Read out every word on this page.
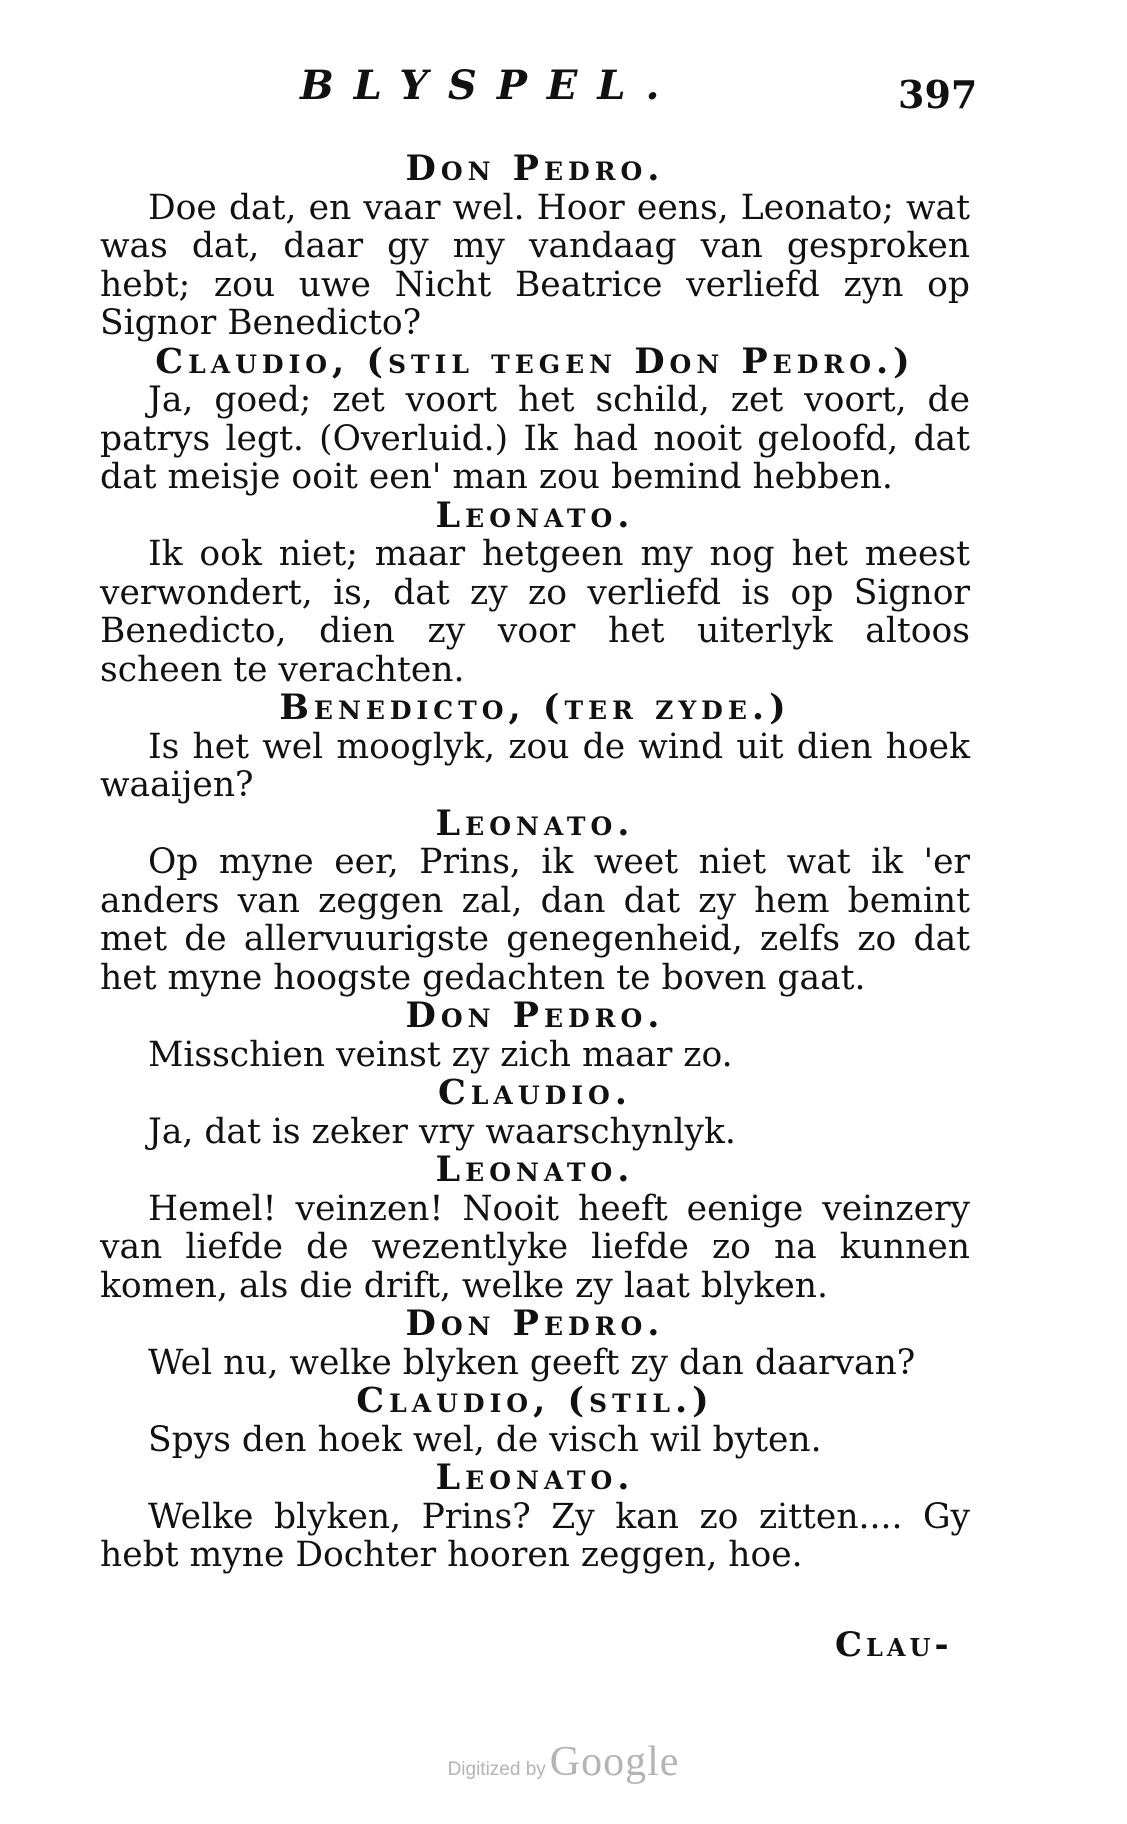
BLYSPEL.	397
Don Pedro.

Doe dat, en vaar wel. Hoor eens, Leonato; wat was dat, daar gy my vandaag van gesproken hebt; zou uwe Nicht Beatrice verliefd zyn op Signor Benedicto?

Claudio, (stil tegen Don Pedro.)

Ja, goed; zet voort het schild, zet voort, de patrys legt. (Overluid.) Ik had nooit geloofd, dat dat meisje ooit een' man zou bemind hebben.

Leonato.

Ik ook niet; maar hetgeen my nog het meest verwondert, is, dat zy zo verliefd is op Signor Benedicto, dien zy voor het uiterlyk altoos scheen te verachten.

Benedicto, (ter zyde.)

Is het wel mooglyk, zou de wind uit dien hoek waaijen?

Leonato.

Op myne eer, Prins, ik weet niet wat ik 'er anders van zeggen zal, dan dat zy hem bemint met de allervuurigste genegenheid, zelfs zo dat het myne hoogste gedachten te boven gaat.

Don Pedro.

Misschien veinst zy zich maar zo.

Claudio.

Ja, dat is zeker vry waarschynlyk.

Leonato.

Hemel! veinzen! Nooit heeft eenige veinzery van liefde de wezentlyke liefde zo na kunnen komen, als die drift, welke zy laat blyken.

Don Pedro.

Wel nu, welke blyken geeft zy dan daarvan?

Claudio, (stil.)

Spys den hoek wel, de visch wil byten.

Leonato.

Welke blyken, Prins? Zy kan zo zitten.... Gy hebt myne Dochter hooren zeggen, hoe.

Clau-
Digitized by Google
